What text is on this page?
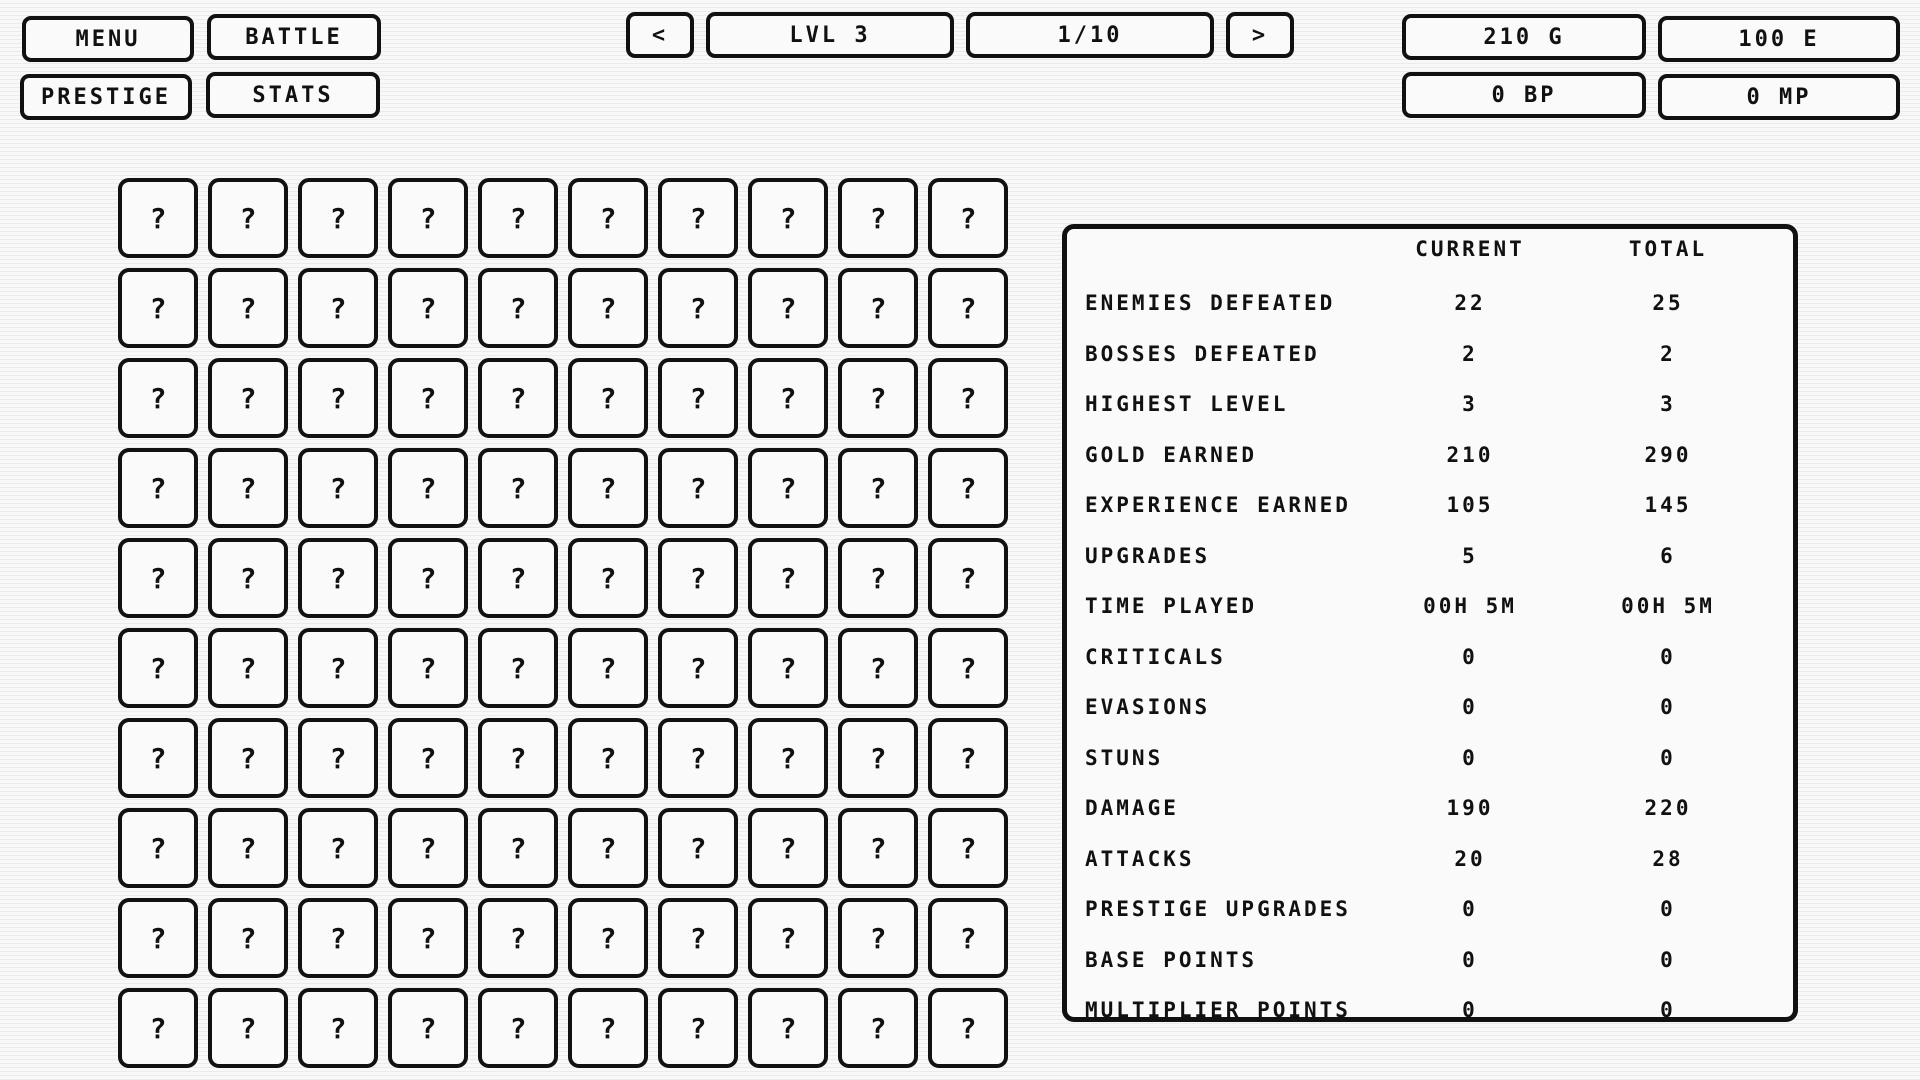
MENU	BATTLE
PRESTIGE	STATS
<	LVL 3	1/10	>	210 G	100 E
0 BP	0 MP
?	?	?	?	?	?	?	?	?	?
?	?	?	?	?	?	?	?	?	?
?	?	?	?	?	?	?	?	?	?
?	?	?	?	?	?	?	?	?	?
?	?	?	?	?	?	?	?	?	?
?	?	?	?	?	?	?	?	?	?
?	?	?	?	?	?	?	?	?	?
?	?	?	?	?	?	?	?	?	?
?	?	?	?	?	?	?	?	?	?
?	?	?	?	?	?	?	?	?	?
CURRENT	TOTAL
ENEMIES DEFEATED	22	25
BOSSES DEFEATED	2	2
HIGHEST LEVEL	3	3
GOLD EARNED	210	290
EXPERIENCE EARNED	105	145
UPGRADES	5	6
TIME PLAYED	00H 5M	00H 5M
CRITICALS	0	0
EVASIONS	0	0
STUNS	0	0
DAMAGE	190	220
ATTACKS	20	28
PRESTIGE UPGRADES	0	0
BASE POINTS	0	0
MULTIPLIER POINTS	0	0
